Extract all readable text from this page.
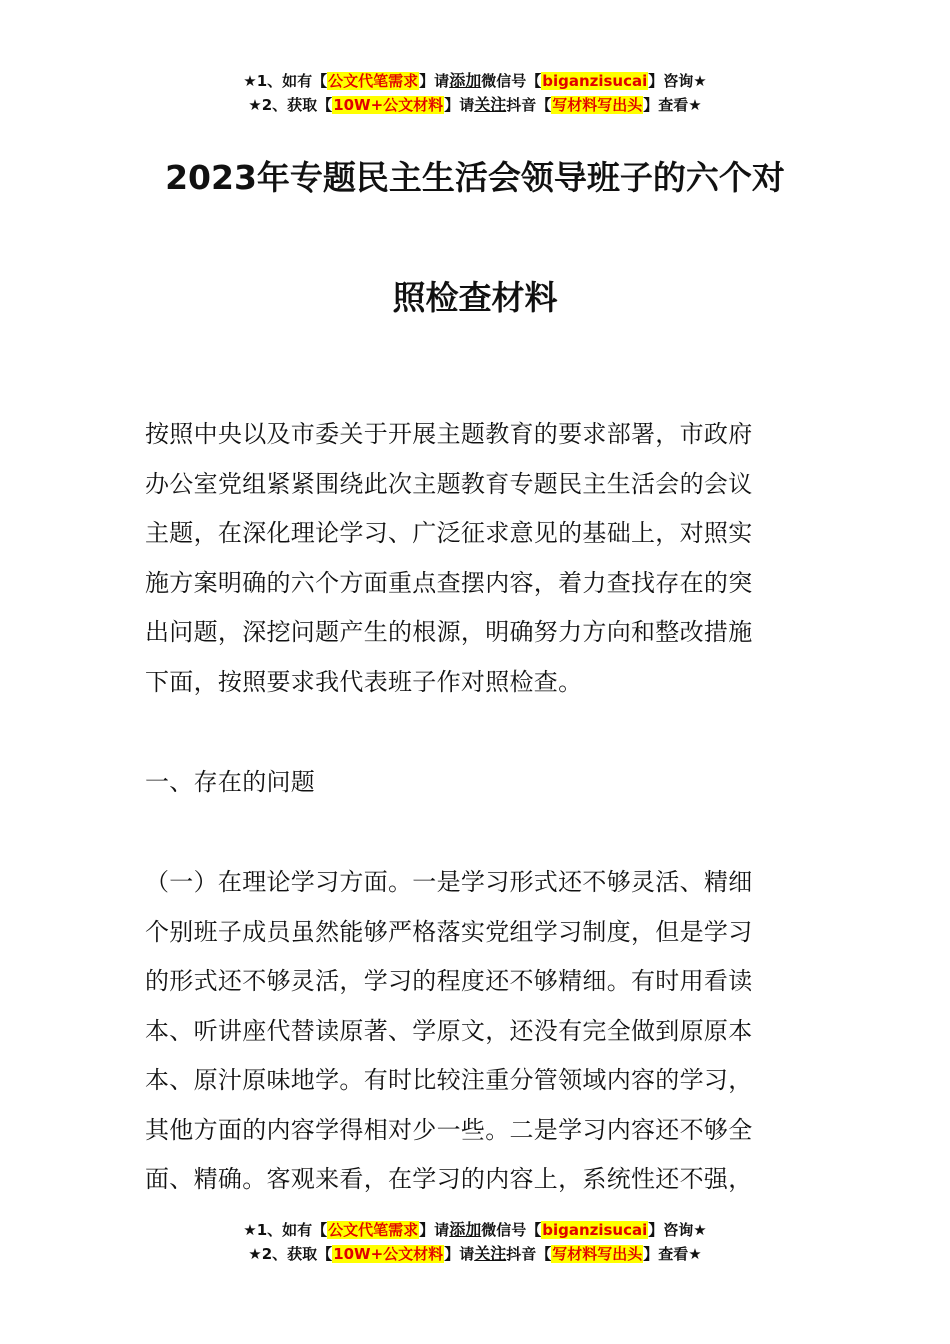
★1、如有【公文代笔需求】请添加微信号【biganzisucai】咨询★
★2、获取【10W+公文材料】请关注抖音【写材料写出头】查看★
2023年专题民主生活会领导班子的六个对
照检查材料
按照中央以及市委关于开展主题教育的要求部署，市政府
办公室党组紧紧围绕此次主题教育专题民主生活会的会议
主题，在深化理论学习、广泛征求意见的基础上，对照实
施方案明确的六个方面重点查摆内容，着力查找存在的突
出问题，深挖问题产生的根源，明确努力方向和整改措施
下面，按照要求我代表班子作对照检查。
一、存在的问题
（一）在理论学习方面。一是学习形式还不够灵活、精细
个别班子成员虽然能够严格落实党组学习制度，但是学习
的形式还不够灵活，学习的程度还不够精细。有时用看读
本、听讲座代替读原著、学原文，还没有完全做到原原本
本、原汁原味地学。有时比较注重分管领域内容的学习，
其他方面的内容学得相对少一些。二是学习内容还不够全
面、精确。客观来看，在学习的内容上，系统性还不强，
★1、如有【公文代笔需求】请添加微信号【biganzisucai】咨询★
★2、获取【10W+公文材料】请关注抖音【写材料写出头】查看★
